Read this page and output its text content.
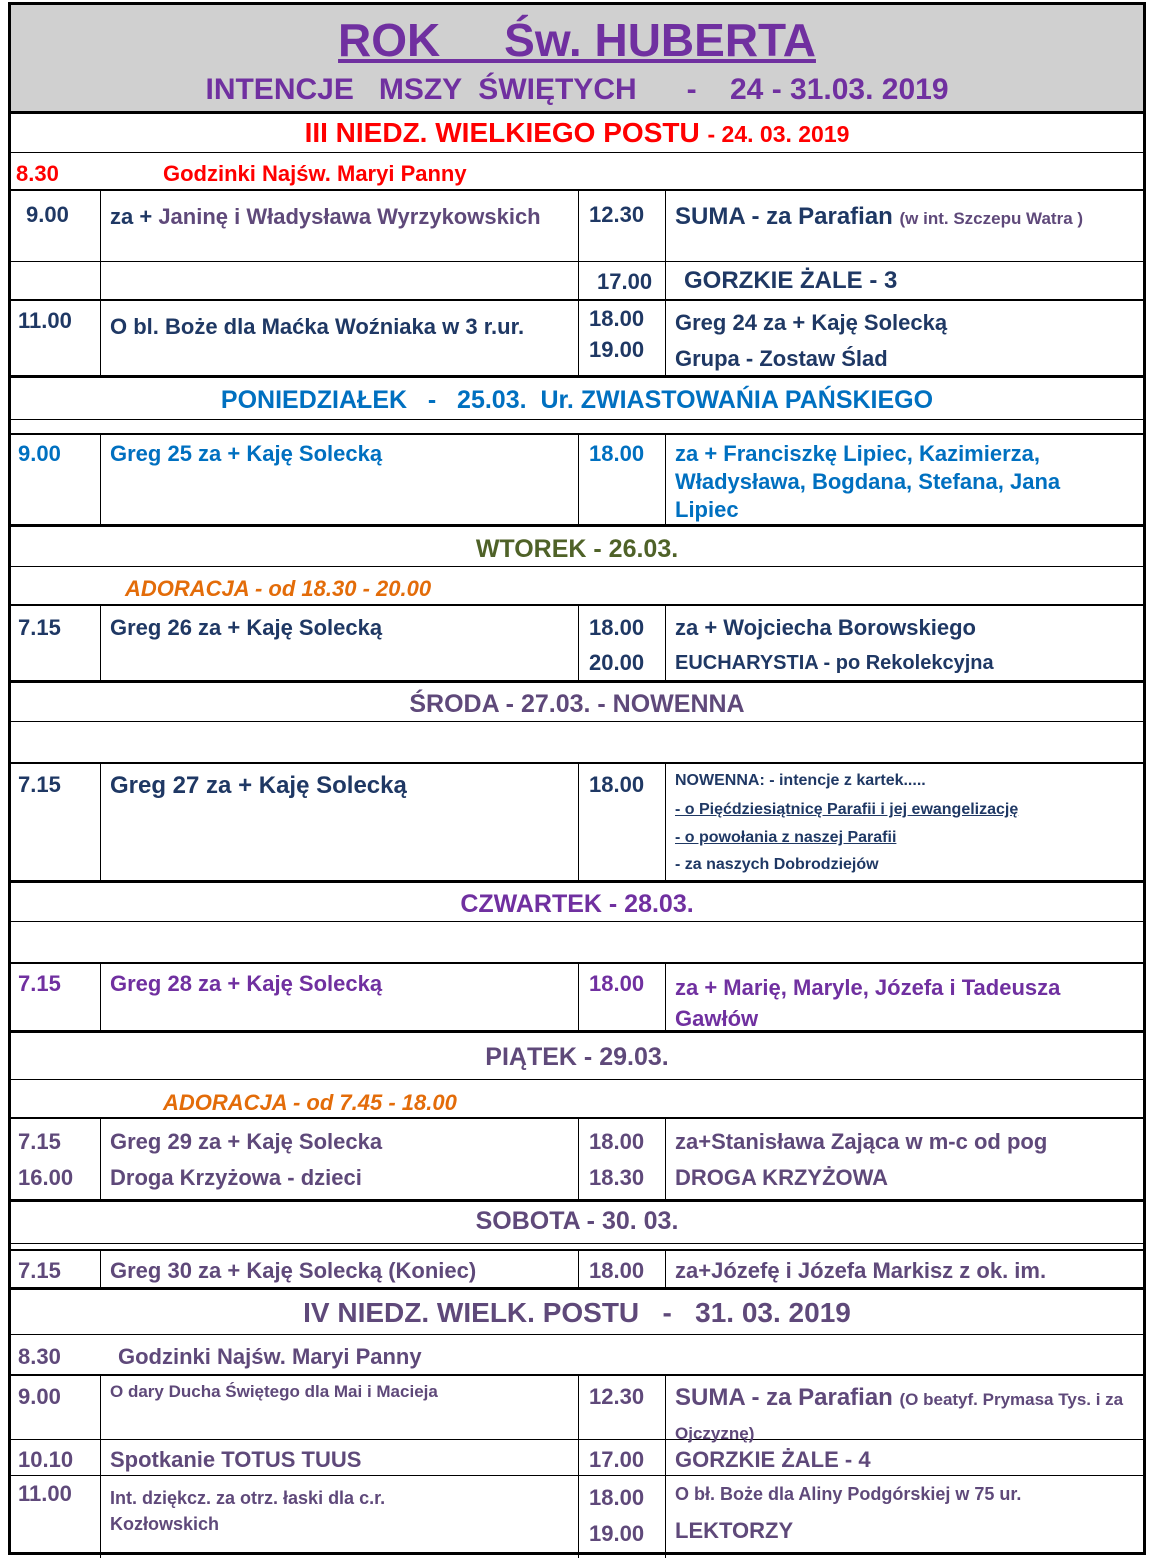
ROK     Św. HUBERTA
INTENCJE   MSZY  ŚWIĘTYCH      -    24 - 31.03. 2019
III NIEDZ. WIELKIEGO POSTU - 24. 03. 2019
8.30	Godzinki Najśw. Maryi Panny
9.00 za + Janinę i Władysława Wyrzykowskich	12.30 SUMA - za Parafian (w int. Szczepu Watra )
17.00 GORZKIE ŻALE - 3
11.00 O bl. Boże dla Maćka Woźniaka w 3 r.ur.	18.00 Greg 24 za + Kaję Solecką
19.00 Grupa - Zostaw Ślad
PONIEDZIAŁEK   -   25.03.  Ur. ZWIASTOWAŃIA PAŃSKIEGO
9.00 Greg 25 za + Kaję Solecką	18.00 za + Franciszkę Lipiec, Kazimierza, Władysława, Bogdana, Stefana, Jana Lipiec
WTOREK - 26.03.
ADORACJA - od 18.30 - 20.00
7.15 Greg 26 za + Kaję Solecką	18.00 za + Wojciecha Borowskiego
20.00 EUCHARYSTIA - po Rekolekcyjna
ŚRODA - 27.03. - NOWENNA
7.15 Greg 27 za + Kaję Solecką	18.00 NOWENNA: - intencje z kartek.....
- o Pięćdziesiątnicę Parafii i jej ewangelizację
- o powołania z naszej Parafii
- za naszych Dobrodziejów
CZWARTEK - 28.03.
7.15 Greg 28 za + Kaję Solecką	18.00 za + Marię, Maryle, Józefa i Tadeusza Gawłów
PIĄTEK - 29.03.
ADORACJA - od 7.45 - 18.00
7.15 Greg 29 za + Kaję Solecka
16.00 Droga Krzyżowa - dzieci
18.00 za+Stanisława Zająca w m-c od pog
18.30 DROGA KRZYŻOWA
SOBOTA - 30. 03.
7.15 Greg 30 za + Kaję Solecką (Koniec)	18.00 za+Józefę i Józefa Markisz z ok. im.
IV NIEDZ. WIELK. POSTU   -   31. 03. 2019
8.30	Godzinki Najśw. Maryi Panny
9.00	O dary Ducha Świętego dla Mai i Macieja	12.30 SUMA - za Parafian (O beatyf. Prymasa Tys. i za Ojczyznę)
10.10 Spotkanie TOTUS TUUS	17.00 GORZKIE ŻALE - 4
11.00 Int. dziękcz. za otrz. łaski dla c.r. Kozłowskich
18.00 O bł. Boże dla Aliny Podgórskiej w 75 ur.
19.00 LEKTORZY
